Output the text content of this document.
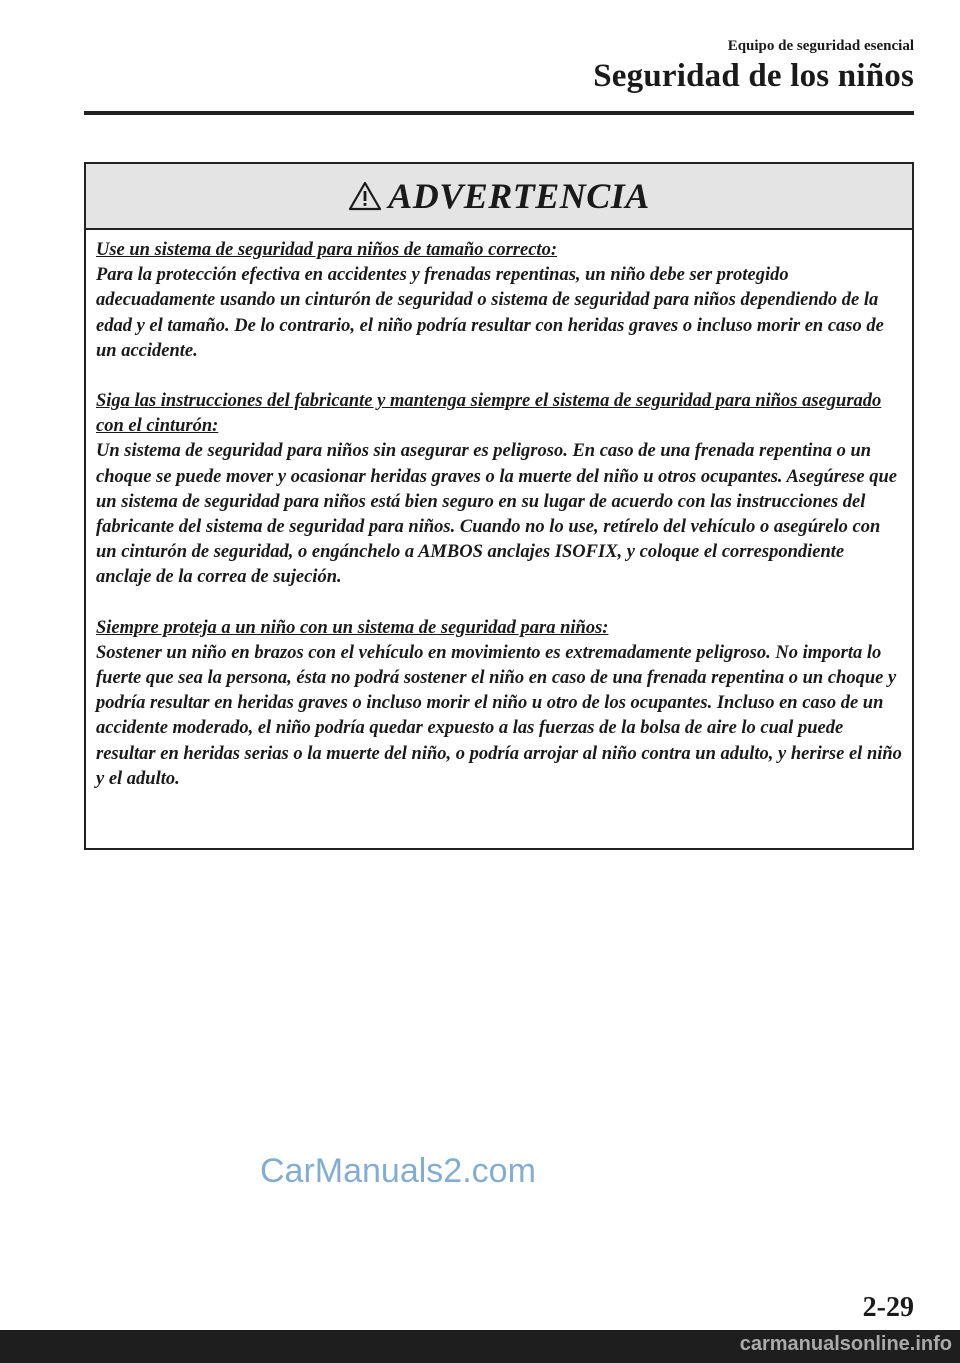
Equipo de seguridad esencial
Seguridad de los niños
ADVERTENCIA
Use un sistema de seguridad para niños de tamaño correcto:
Para la protección efectiva en accidentes y frenadas repentinas, un niño debe ser protegido adecuadamente usando un cinturón de seguridad o sistema de seguridad para niños dependiendo de la edad y el tamaño. De lo contrario, el niño podría resultar con heridas graves o incluso morir en caso de un accidente.
Siga las instrucciones del fabricante y mantenga siempre el sistema de seguridad para niños asegurado con el cinturón:
Un sistema de seguridad para niños sin asegurar es peligroso. En caso de una frenada repentina o un choque se puede mover y ocasionar heridas graves o la muerte del niño u otros ocupantes. Asegúrese que un sistema de seguridad para niños está bien seguro en su lugar de acuerdo con las instrucciones del fabricante del sistema de seguridad para niños. Cuando no lo use, retírelo del vehículo o asegúrelo con un cinturón de seguridad, o engánchelo a AMBOS anclajes ISOFIX, y coloque el correspondiente anclaje de la correa de sujeción.
Siempre proteja a un niño con un sistema de seguridad para niños:
Sostener un niño en brazos con el vehículo en movimiento es extremadamente peligroso. No importa lo fuerte que sea la persona, ésta no podrá sostener el niño en caso de una frenada repentina o un choque y podría resultar en heridas graves o incluso morir el niño u otro de los ocupantes. Incluso en caso de un accidente moderado, el niño podría quedar expuesto a las fuerzas de la bolsa de aire lo cual puede resultar en heridas serias o la muerte del niño, o podría arrojar al niño contra un adulto, y herirse el niño y el adulto.
CarManuals2.com
2-29
carmanualsonline.info
